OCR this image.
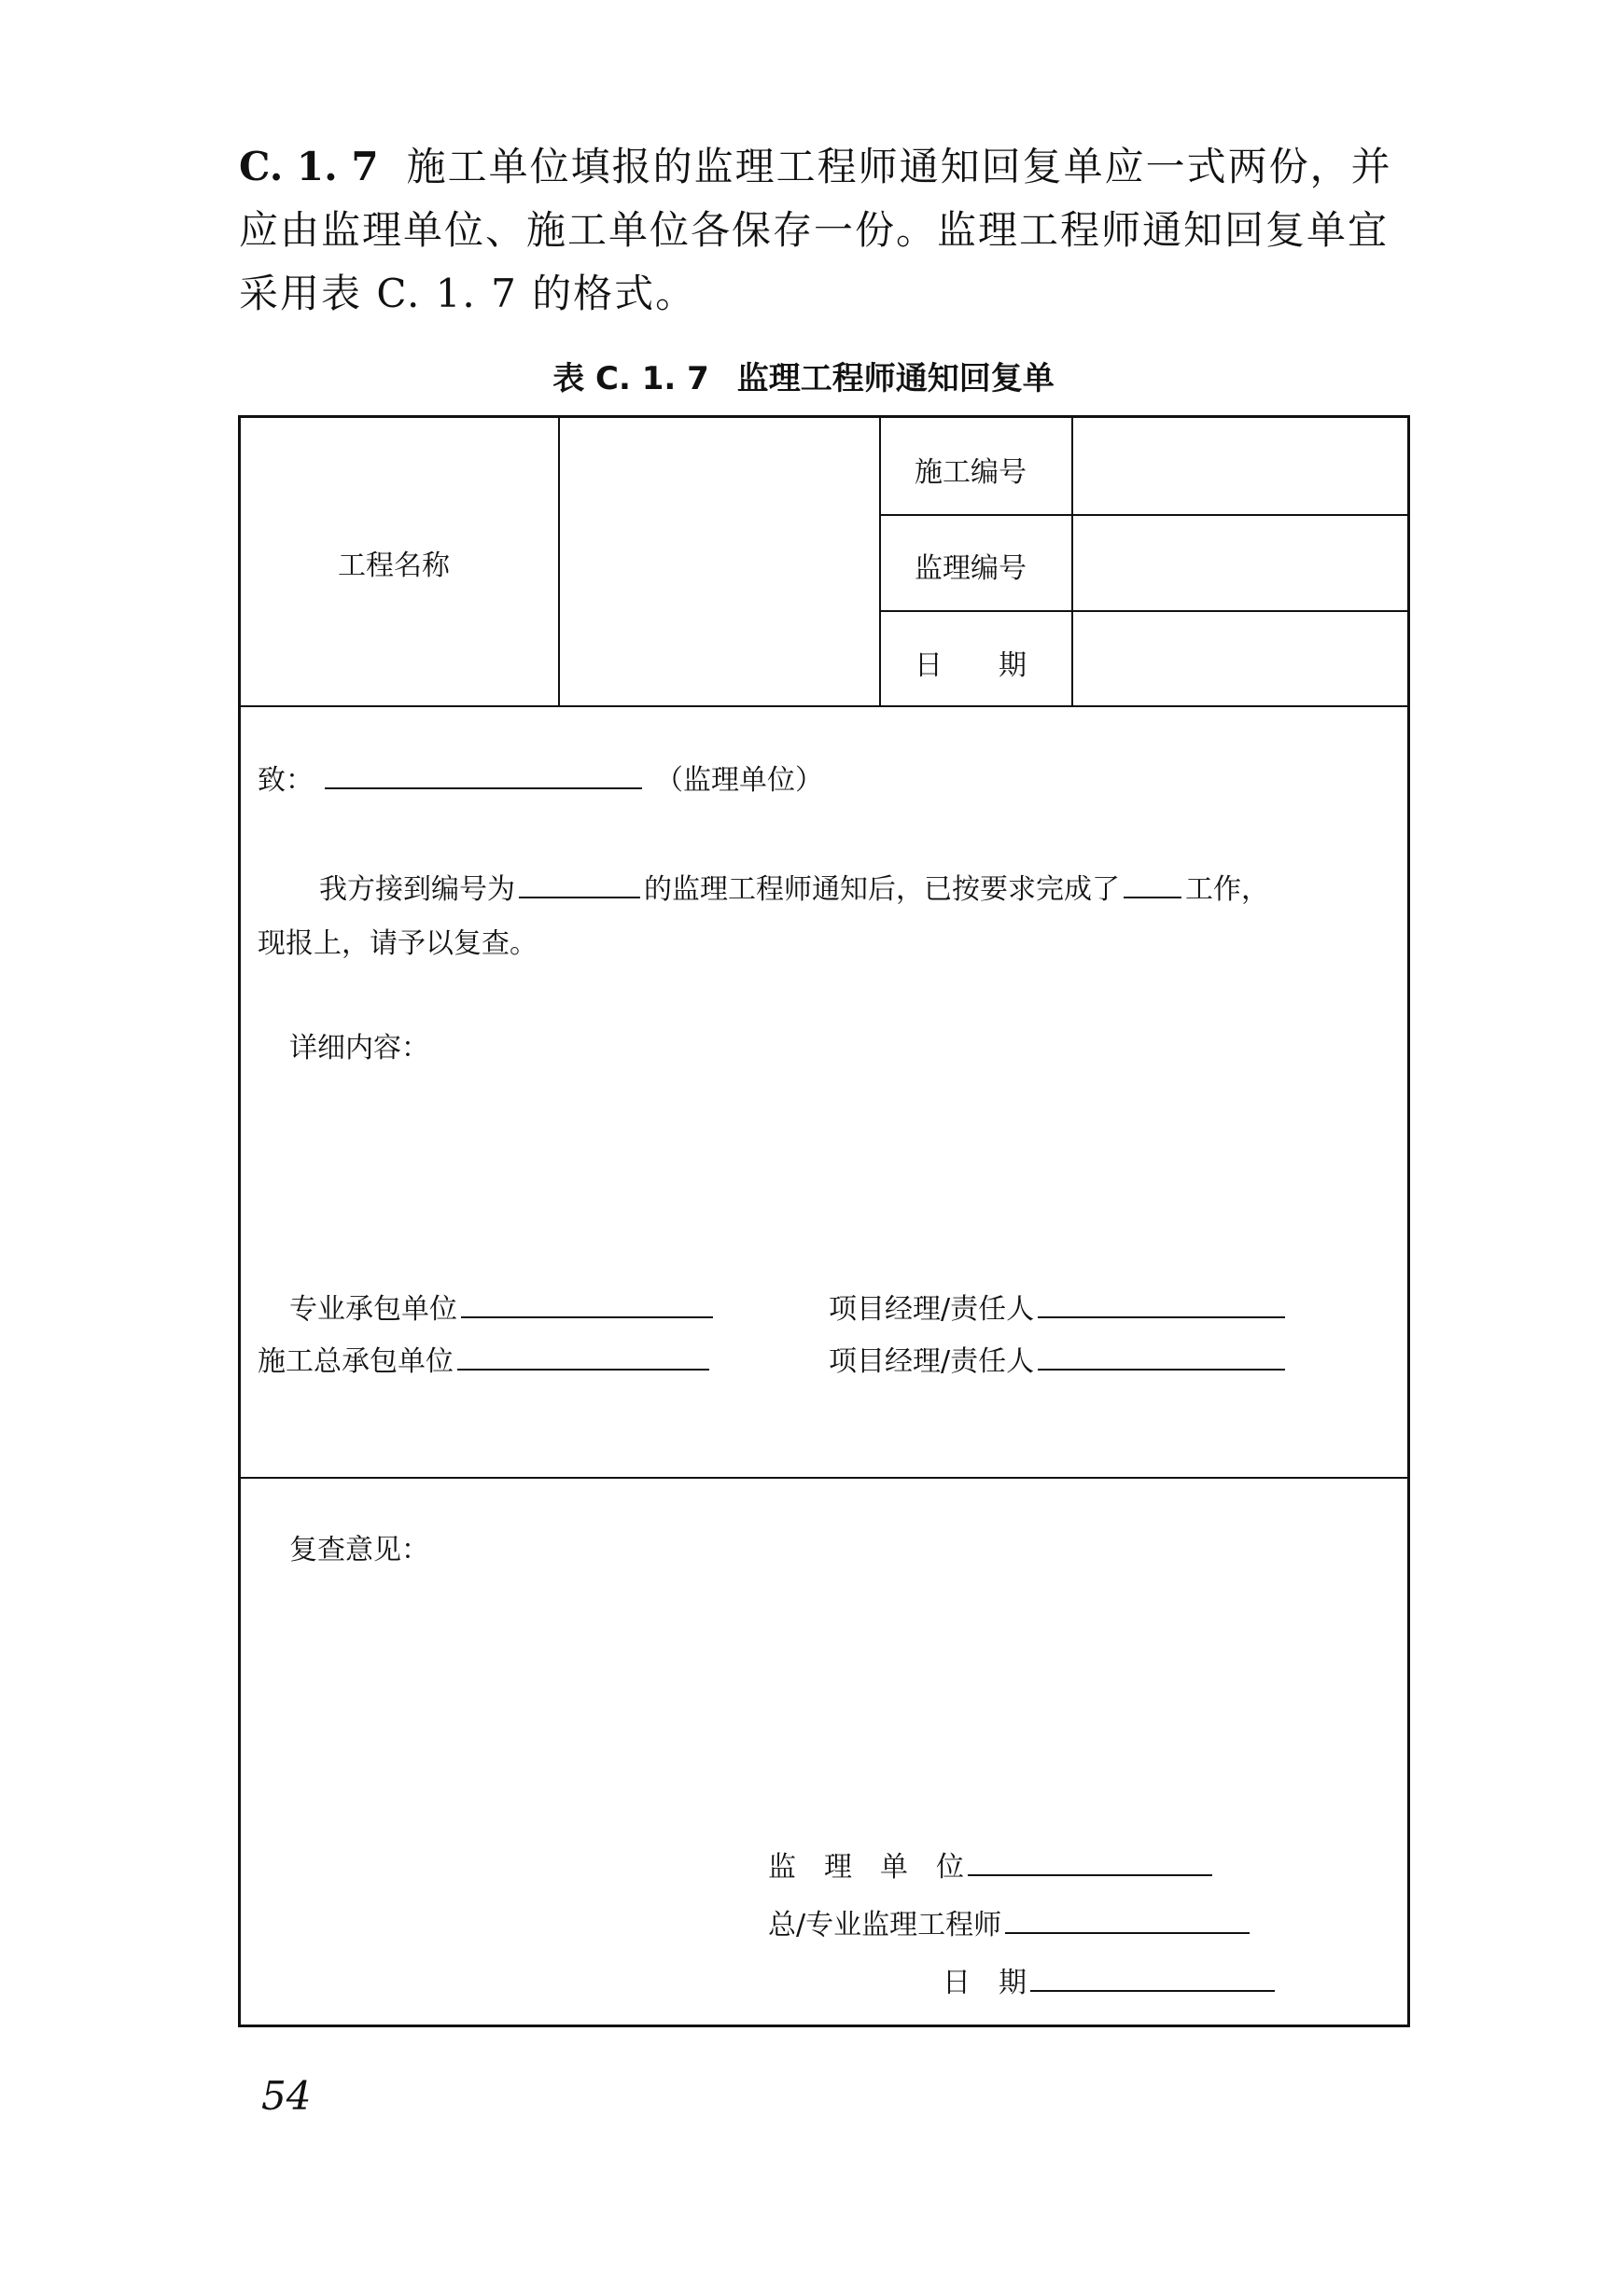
C. 1. 7 施工单位填报的监理工程师通知回复单应一式两份，并应由监理单位、施工单位各保存一份。监理工程师通知回复单宜采用表 C. 1. 7 的格式。
表 C. 1. 7 监理工程师通知回复单
工程名称
施工编号
监理编号
日　　期
致：	（监理单位）
我方接到编号为	的监理工程师通知后，已按要求完成了 工作，
现报上，请予以复查。
详细内容：
专业承包单位
施工总承包单位
项目经理/责任人
项目经理/责任人
复查意见：
监　理　单　位
总/专业监理工程师
日　期
54
